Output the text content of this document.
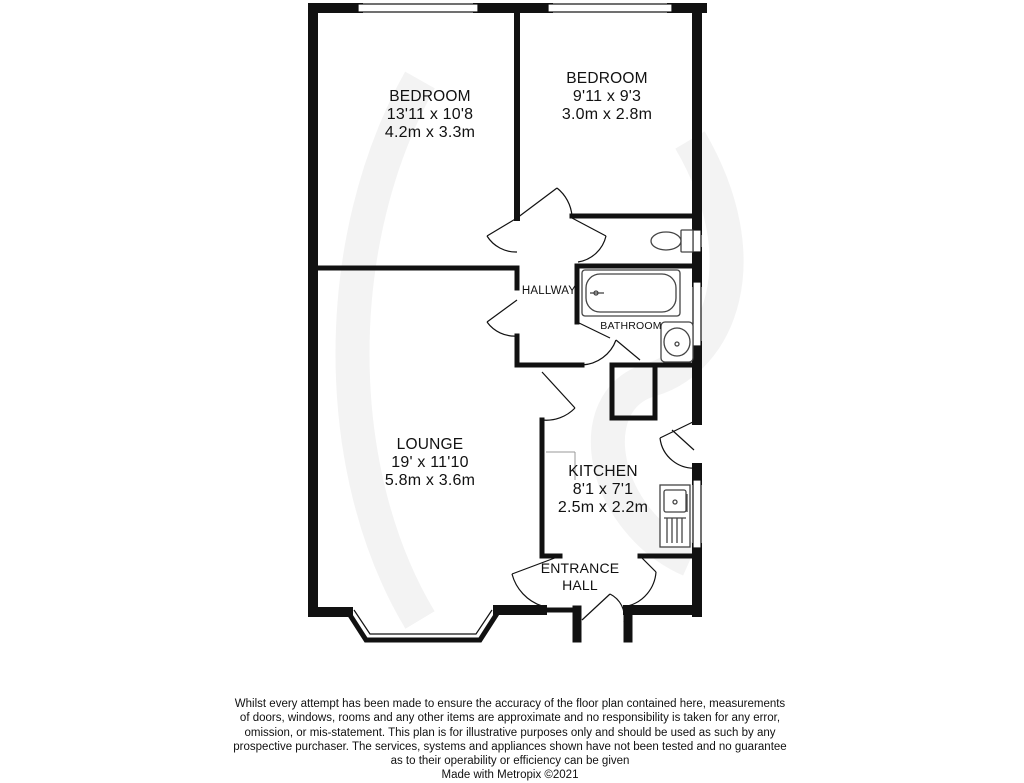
BEDROOM
13'11 x 10'8
4.2m x 3.3m
BEDROOM
9'11 x 9'3
3.0m x 2.8m
LOUNGE
19' x 11'10
5.8m x 3.6m
KITCHEN
8'1 x 7'1
2.5m x 2.2m
ENTRANCE
HALL
HALLWAY
BATHROOM
Whilst every attempt has been made to ensure the accuracy of the floor plan contained here, measurements
of doors, windows, rooms and any other items are approximate and no responsibility is taken for any error,
omission, or mis-statement. This plan is for illustrative purposes only and should be used as such by any
prospective purchaser. The services, systems and appliances shown have not been tested and no guarantee
as to their operability or efficiency can be given
Made with Metropix ©2021
